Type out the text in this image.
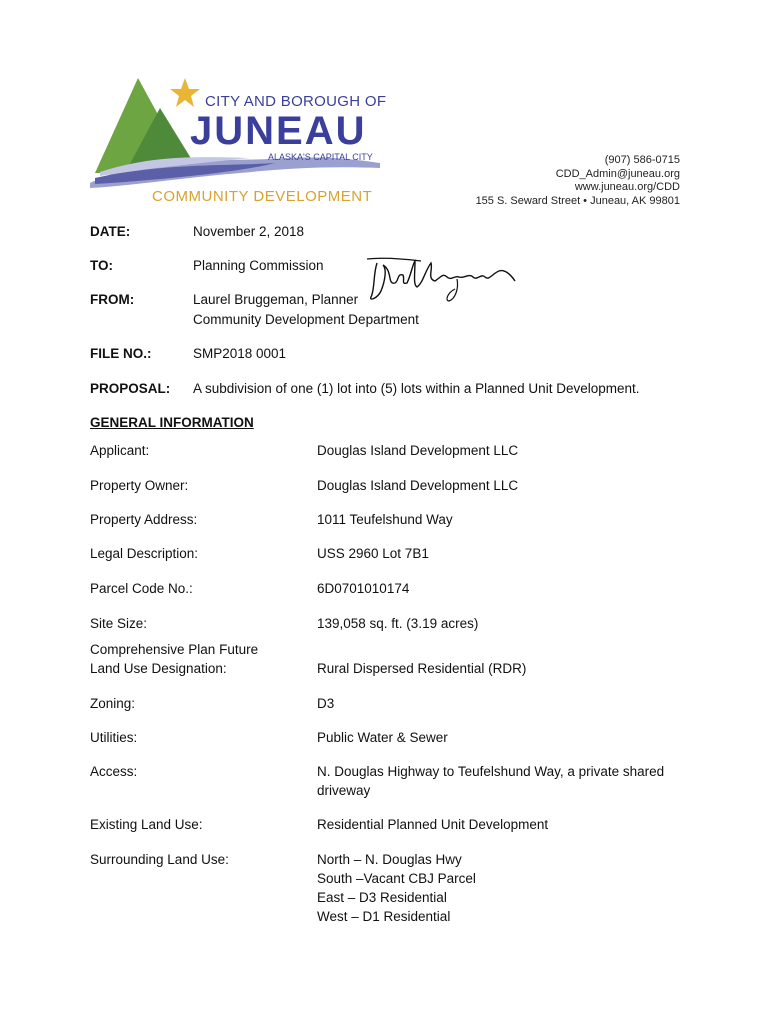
CITY AND BOROUGH OF
JUNEAU
ALASKA'S CAPITAL CITY
COMMUNITY DEVELOPMENT
(907) 586-0715
CDD_Admin@juneau.org
www.juneau.org/CDD
155 S. Seward Street • Juneau, AK 99801
DATE:	November 2, 2018
TO:	Planning Commission
FROM:	Laurel Bruggeman, Planner
Community Development Department
FILE NO.:	SMP2018 0001
PROPOSAL: A subdivision of one (1) lot into (5) lots within a Planned Unit Development.
GENERAL INFORMATION
Applicant:	Douglas Island Development LLC
Property Owner:	Douglas Island Development LLC
Property Address:	1011 Teufelshund Way
Legal Description:	USS 2960 Lot 7B1
Parcel Code No.:	6D0701010174
Site Size:	139,058 sq. ft. (3.19 acres)
Comprehensive Plan Future
Land Use Designation:	Rural Dispersed Residential (RDR)
Zoning:	D3
Utilities:	Public Water & Sewer
Access:	N. Douglas Highway to Teufelshund Way, a private shared
driveway
Existing Land Use:	Residential Planned Unit Development
Surrounding Land Use:	North – N. Douglas Hwy
South –Vacant CBJ Parcel
East – D3 Residential
West – D1 Residential
